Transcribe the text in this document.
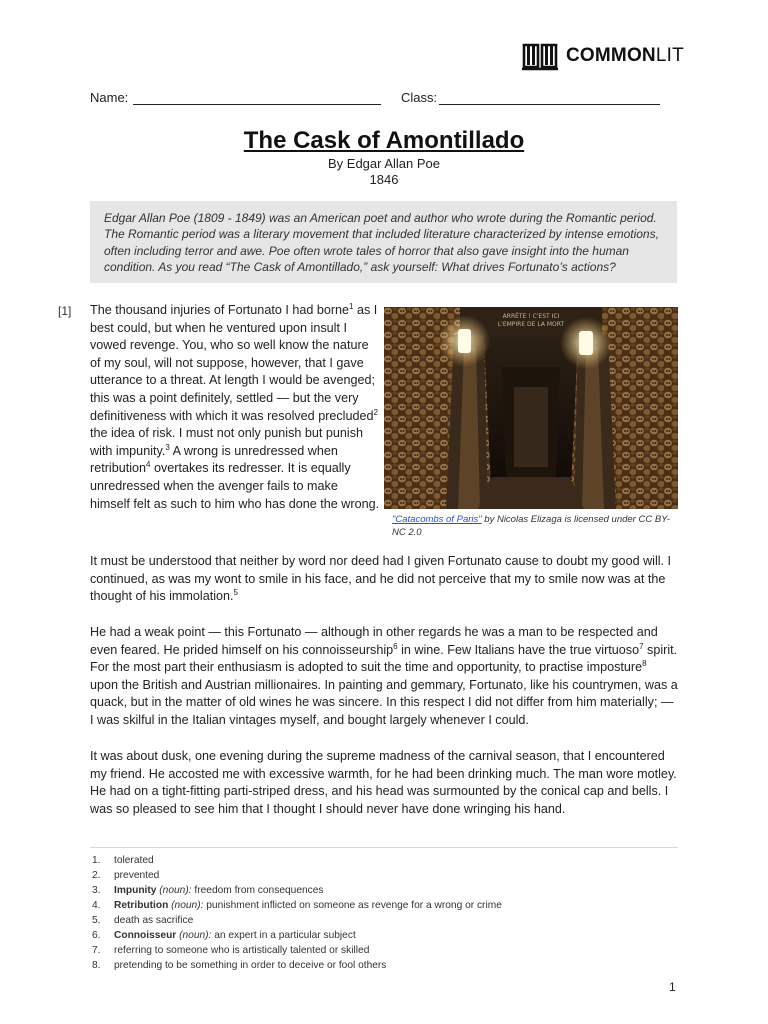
COMMONLIT
Name:	Class:
The Cask of Amontillado
By Edgar Allan Poe
1846
Edgar Allan Poe (1809 - 1849) was an American poet and author who wrote during the Romantic period. The Romantic period was a literary movement that included literature characterized by intense emotions, often including terror and awe. Poe often wrote tales of horror that also gave insight into the human condition. As you read “The Cask of Amontillado,” ask yourself: What drives Fortunato’s actions?
[1] The thousand injuries of Fortunato I had borne$^1$ as I best could, but when he ventured upon insult I vowed revenge. You, who so well know the nature of my soul, will not suppose, however, that I gave utterance to a threat. At length I would be avenged; this was a point definitely, settled — but the very definitiveness with which it was resolved precluded$^2$ the idea of risk. I must not only punish but punish with impunity.$^3$ A wrong is unredressed when retribution$^4$ overtakes its redresser. It is equally unredressed when the avenger fails to make himself felt as such to him who has done the wrong.
ARRÊTE ! C'EST ICI
L'EMPIRE DE LA MORT
"Catacombs of Paris" by Nicolas Elizaga is licensed under CC BY-NC 2.0
It must be understood that neither by word nor deed had I given Fortunato cause to doubt my good will. I continued, as was my wont to smile in his face, and he did not perceive that my to smile now was at the thought of his immolation.$^5$
He had a weak point — this Fortunato — although in other regards he was a man to be respected and even feared. He prided himself on his connoisseurship$^6$ in wine. Few Italians have the true virtuoso$^7$ spirit. For the most part their enthusiasm is adopted to suit the time and opportunity, to practise imposture$^8$ upon the British and Austrian millionaires. In painting and gemmary, Fortunato, like his countrymen, was a quack, but in the matter of old wines he was sincere. In this respect I did not differ from him materially; — I was skilful in the Italian vintages myself, and bought largely whenever I could.
It was about dusk, one evening during the supreme madness of the carnival season, that I encountered my friend. He accosted me with excessive warmth, for he had been drinking much. The man wore motley. He had on a tight-fitting parti-striped dress, and his head was surmounted by the conical cap and bells. I was so pleased to see him that I thought I should never have done wringing his hand.
1. tolerated
2. prevented
3. Impunity (noun): freedom from consequences
4. Retribution (noun): punishment inflicted on someone as revenge for a wrong or crime
5. death as sacrifice
6. Connoisseur (noun): an expert in a particular subject
7. referring to someone who is artistically talented or skilled
8. pretending to be something in order to deceive or fool others
1
